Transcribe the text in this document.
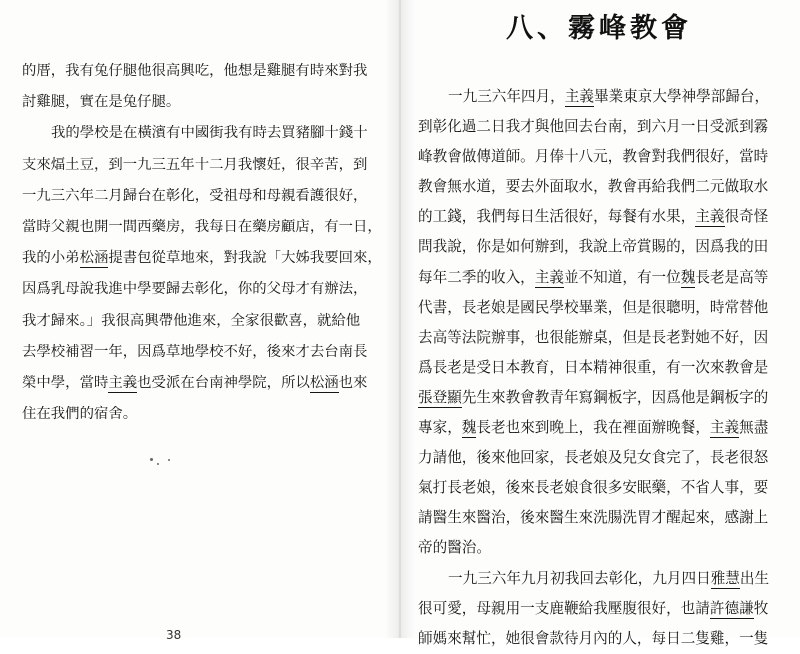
的厝，我有兔仔腿他很高興吃，他想是雞腿有時來對我
討雞腿，實在是兔仔腿。
我的學校是在橫濱有中國街我有時去買豬腳十錢十
支來煏土豆，到一九三五年十二月我懷妊，很辛苦，到
一九三六年二月歸台在彰化，受祖母和母親看護很好，
當時父親也開一間西藥房，我每日在藥房顧店，有一日，
我的小弟松涵提書包從草地來，對我說「大姊我要回來，
因爲乳母說我進中學要歸去彰化，你的父母才有辦法，
我才歸來。」我很高興帶他進來，全家很歡喜，就給他
去學校補習一年，因爲草地學校不好，後來才去台南長
榮中學，當時主義也受派在台南神學院，所以松涵也來
住在我們的宿舍。
38
一九三六年四月，主義畢業東京大學神學部歸台，
到彰化過二日我才與他回去台南，到六月一日受派到霧
峰教會做傳道師。月俸十八元，教會對我們很好，當時
教會無水道，要去外面取水，教會再給我們二元做取水
的工錢，我們每日生活很好，每餐有水果，主義很奇怪
問我說，你是如何辦到，我說上帝賞賜的，因爲我的田
每年二季的收入，主義並不知道，有一位魏長老是高等
代書，長老娘是國民學校畢業，但是很聰明，時常替他
去高等法院辦事，也很能辦桌，但是長老對她不好，因
爲長老是受日本教育，日本精神很重，有一次來教會是
張登顯先生來教會教青年寫鋼板字，因爲他是鋼板字的
專家，魏長老也來到晚上，我在裡面辦晚餐，主義無盡
力請他，後來他回家，長老娘及兒女食完了，長老很怒
氣打長老娘，後來長老娘食很多安眠藥，不省人事，要
請醫生來醫治，後來醫生來洗腸洗胃才醒起來，感謝上
帝的醫治。
一九三六年九月初我回去彰化，九月四日雅慧出生
很可愛，母親用一支鹿鞭給我壓腹很好，也請許德謙牧
師媽來幫忙，她很會款待月內的人，每日二隻雞，一隻
八、霧峰教會
